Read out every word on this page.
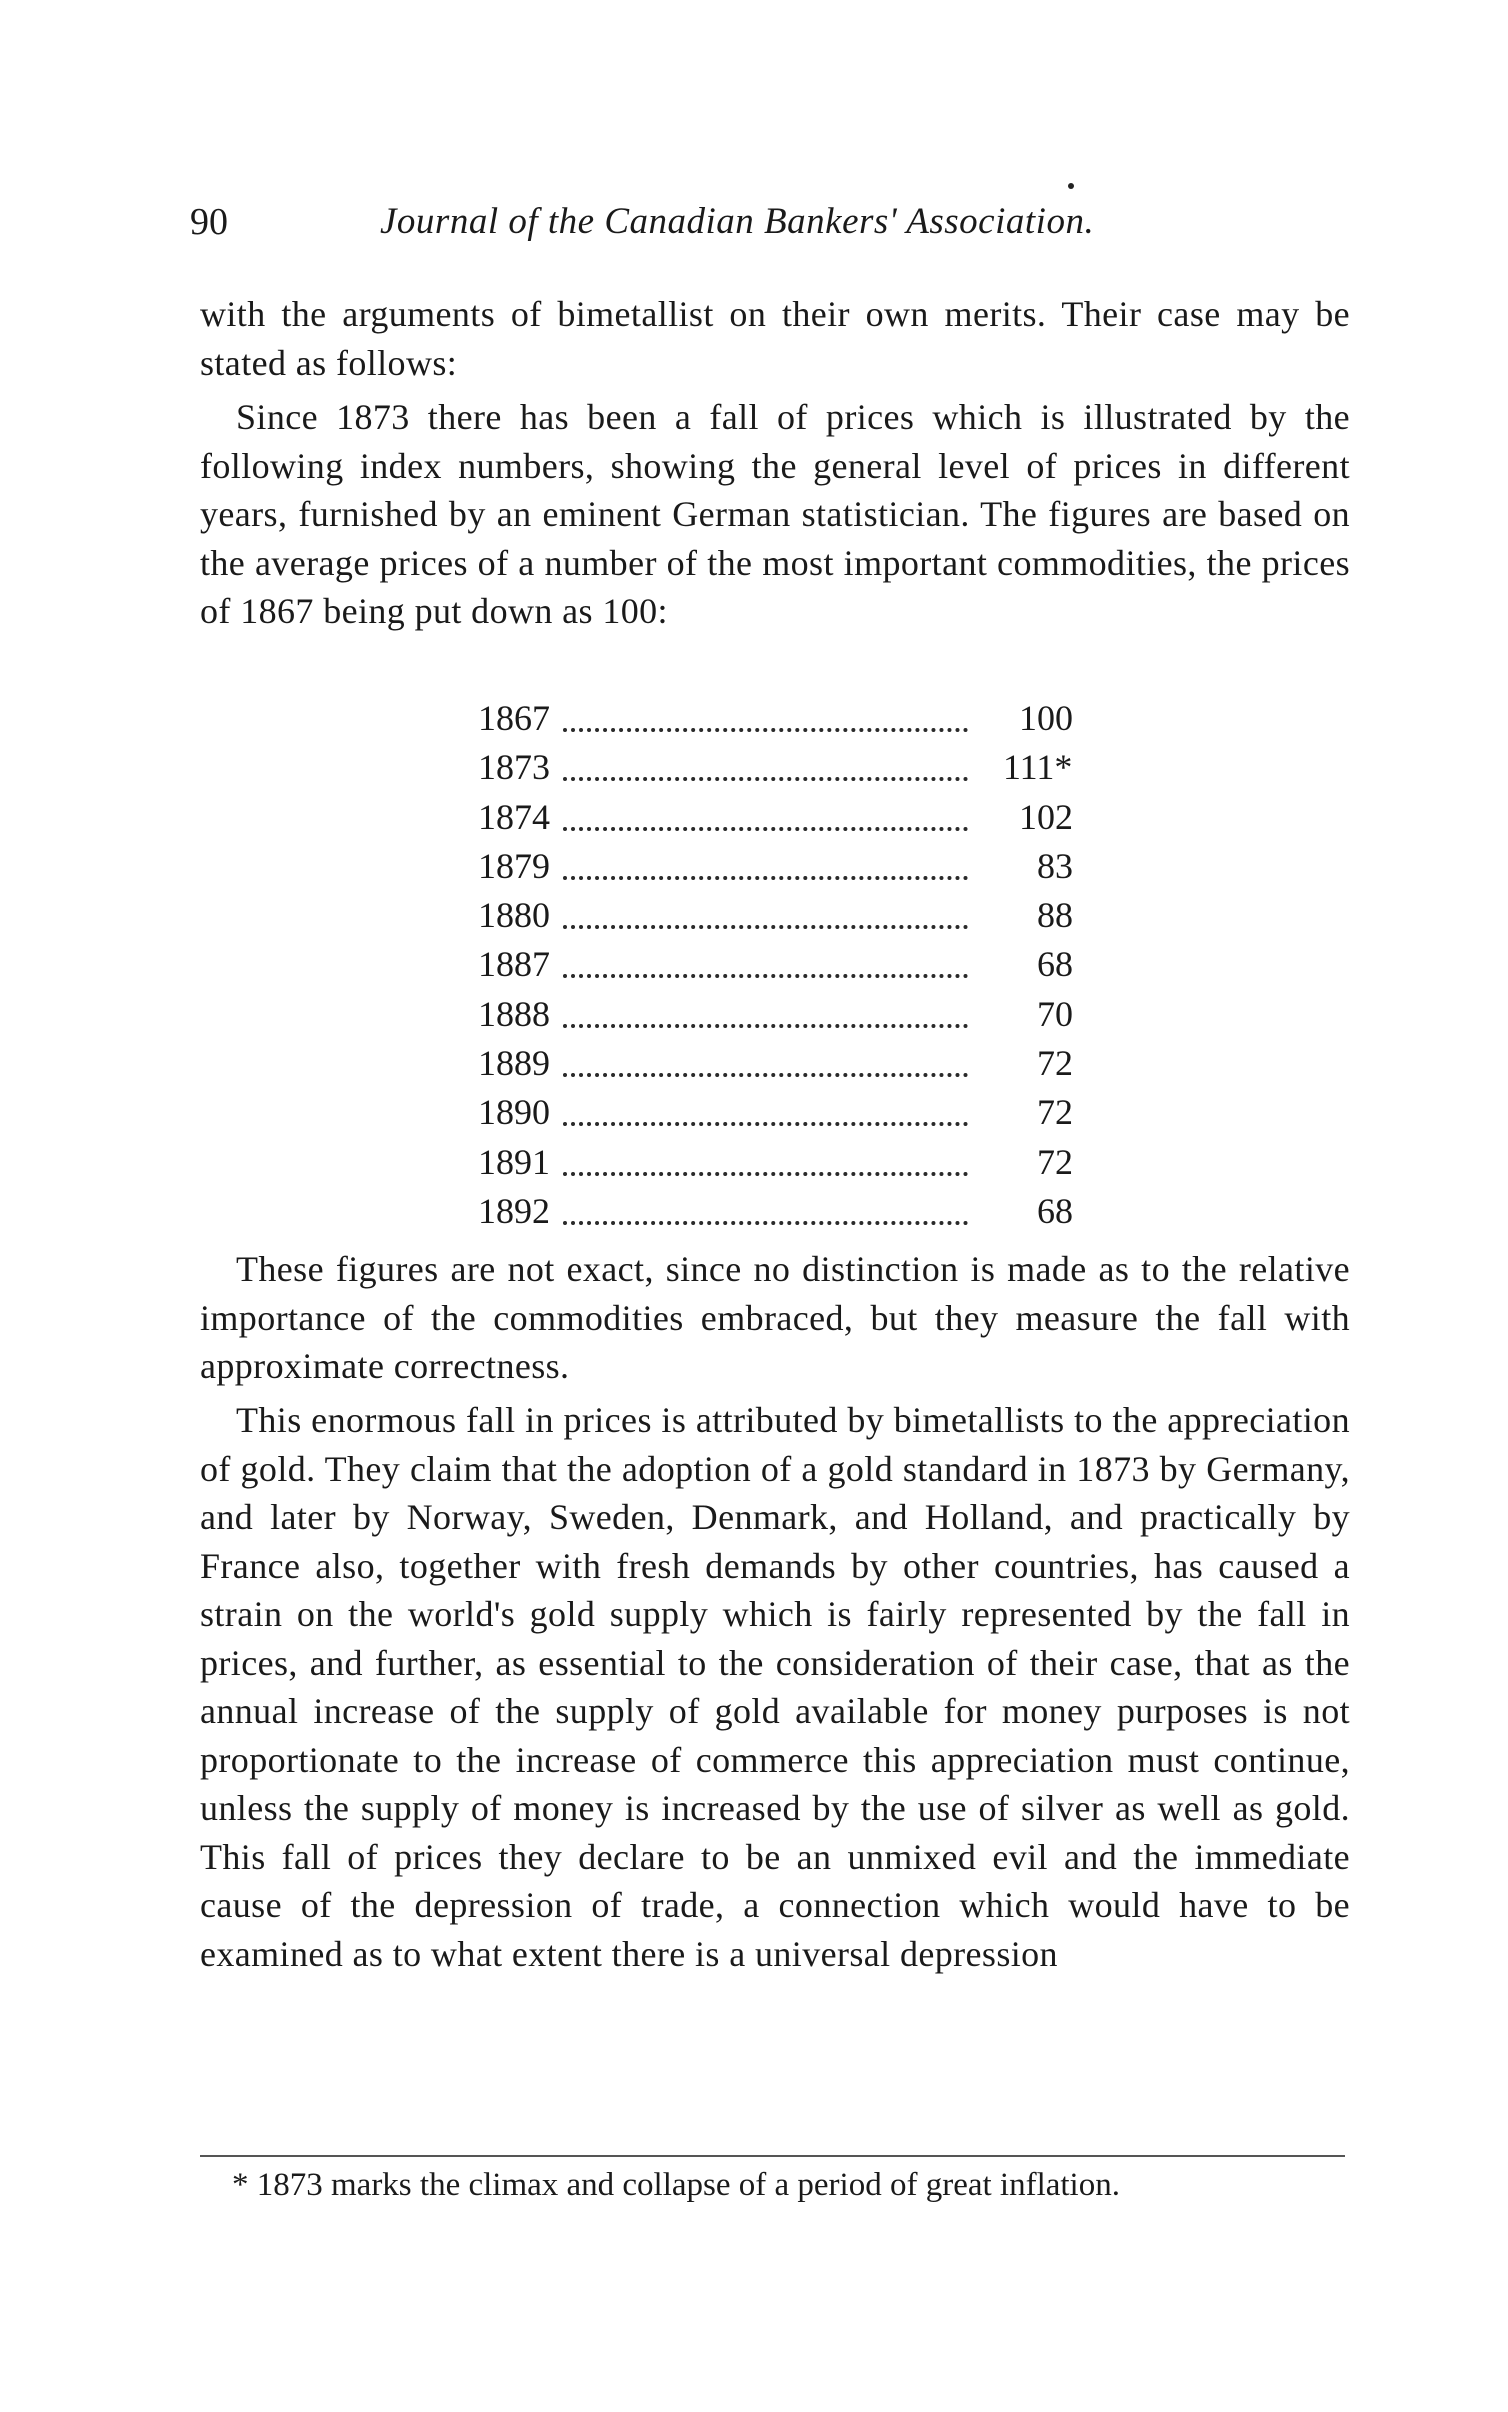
90	Journal of the Canadian Bankers' Association.

with the arguments of bimetallist on their own merits. Their case may be stated as follows:

Since 1873 there has been a fall of prices which is illustrated by the following index numbers, showing the general level of prices in different years, furnished by an eminent German statistician. The figures are based on the average prices of a number of the most important commodities, the prices of 1867 being put down as 100:

1867	100
1873	111*
1874	102
1879	83
1880	88
1887	68
1888	70
1889	72
1890	72
1891	72
1892	68

These figures are not exact, since no distinction is made as to the relative importance of the commodities embraced, but they measure the fall with approximate correctness.

This enormous fall in prices is attributed by bimetallists to the appreciation of gold. They claim that the adoption of a gold standard in 1873 by Germany, and later by Norway, Sweden, Denmark, and Holland, and practically by France also, together with fresh demands by other countries, has caused a strain on the world's gold supply which is fairly represented by the fall in prices, and further, as essential to the consideration of their case, that as the annual increase of the supply of gold available for money purposes is not proportionate to the increase of commerce this appreciation must continue, unless the supply of money is increased by the use of silver as well as gold. This fall of prices they declare to be an unmixed evil and the immediate cause of the depression of trade, a connection which would have to be examined as to what extent there is a universal depression

* 1873 marks the climax and collapse of a period of great inflation.
